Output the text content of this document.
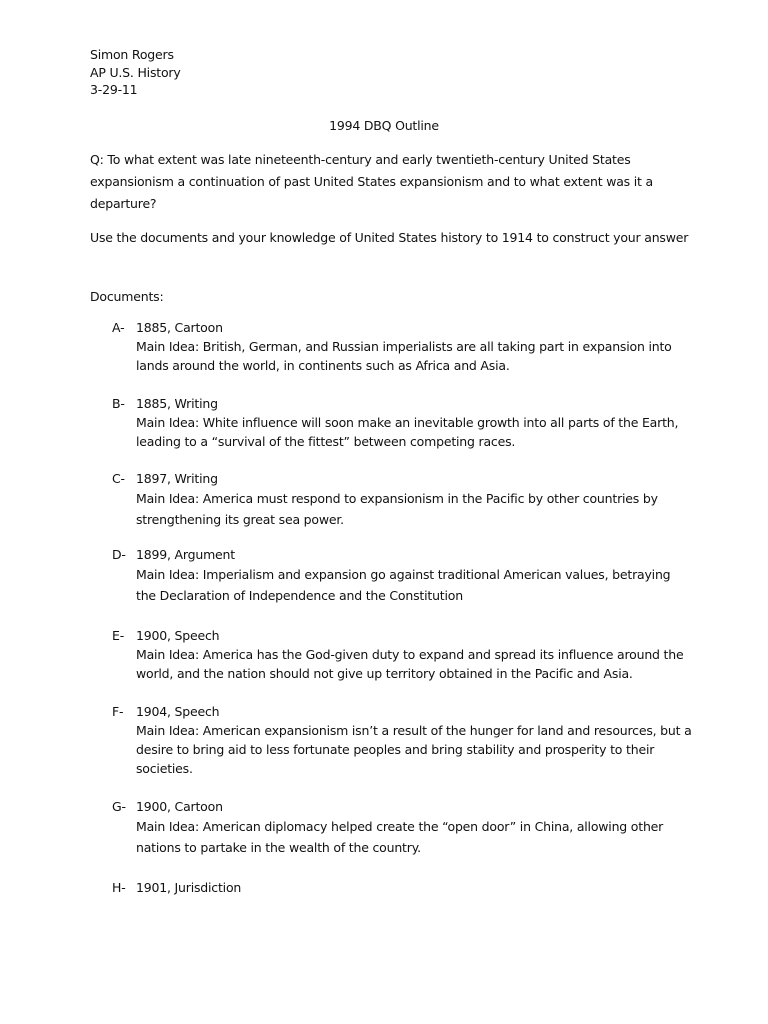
Simon Rogers
AP U.S. History
3-29-11
1994 DBQ Outline
Q: To what extent was late nineteenth-century and early twentieth-century United States expansionism a continuation of past United States expansionism and to what extent was it a departure?
Use the documents and your knowledge of United States history to 1914 to construct your answer
Documents:
A- 1885, Cartoon
Main Idea: British, German, and Russian imperialists are all taking part in expansion into lands around the world, in continents such as Africa and Asia.
B- 1885, Writing
Main Idea: White influence will soon make an inevitable growth into all parts of the Earth, leading to a “survival of the fittest” between competing races.
C- 1897, Writing
Main Idea: America must respond to expansionism in the Pacific by other countries by strengthening its great sea power.
D- 1899, Argument
Main Idea: Imperialism and expansion go against traditional American values, betraying the Declaration of Independence and the Constitution
E- 1900, Speech
Main Idea: America has the God-given duty to expand and spread its influence around the world, and the nation should not give up territory obtained in the Pacific and Asia.
F- 1904, Speech
Main Idea: American expansionism isn’t a result of the hunger for land and resources, but a desire to bring aid to less fortunate peoples and bring stability and prosperity to their societies.
G- 1900, Cartoon
Main Idea: American diplomacy helped create the “open door” in China, allowing other nations to partake in the wealth of the country.
H- 1901, Jurisdiction
